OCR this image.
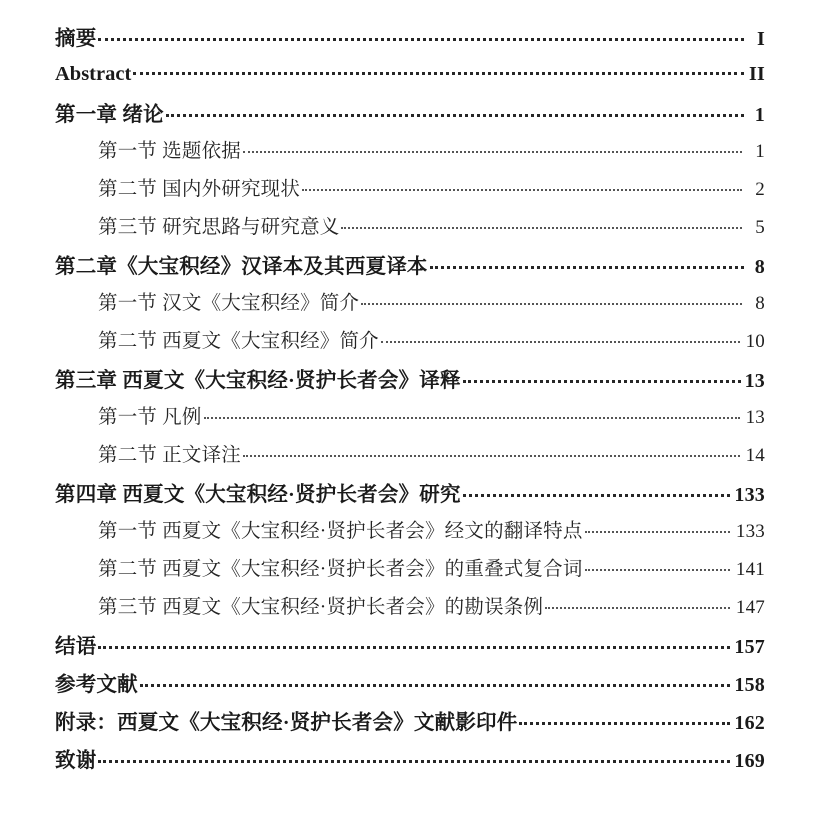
摘要	I
Abstract	II
第一章 绪论	1
第一节 选题依据	1
第二节 国内外研究现状	2
第三节 研究思路与研究意义	5
第二章《大宝积经》汉译本及其西夏译本	8
第一节 汉文《大宝积经》简介	8
第二节 西夏文《大宝积经》简介	10
第三章 西夏文《大宝积经·贤护长者会》译释	13
第一节 凡例	13
第二节 正文译注	14
第四章 西夏文《大宝积经·贤护长者会》研究	133
第一节 西夏文《大宝积经·贤护长者会》经文的翻译特点	133
第二节 西夏文《大宝积经·贤护长者会》的重叠式复合词	141
第三节 西夏文《大宝积经·贤护长者会》的勘误条例	147
结语	157
参考文献	158
附录：西夏文《大宝积经·贤护长者会》文献影印件	162
致谢	169
